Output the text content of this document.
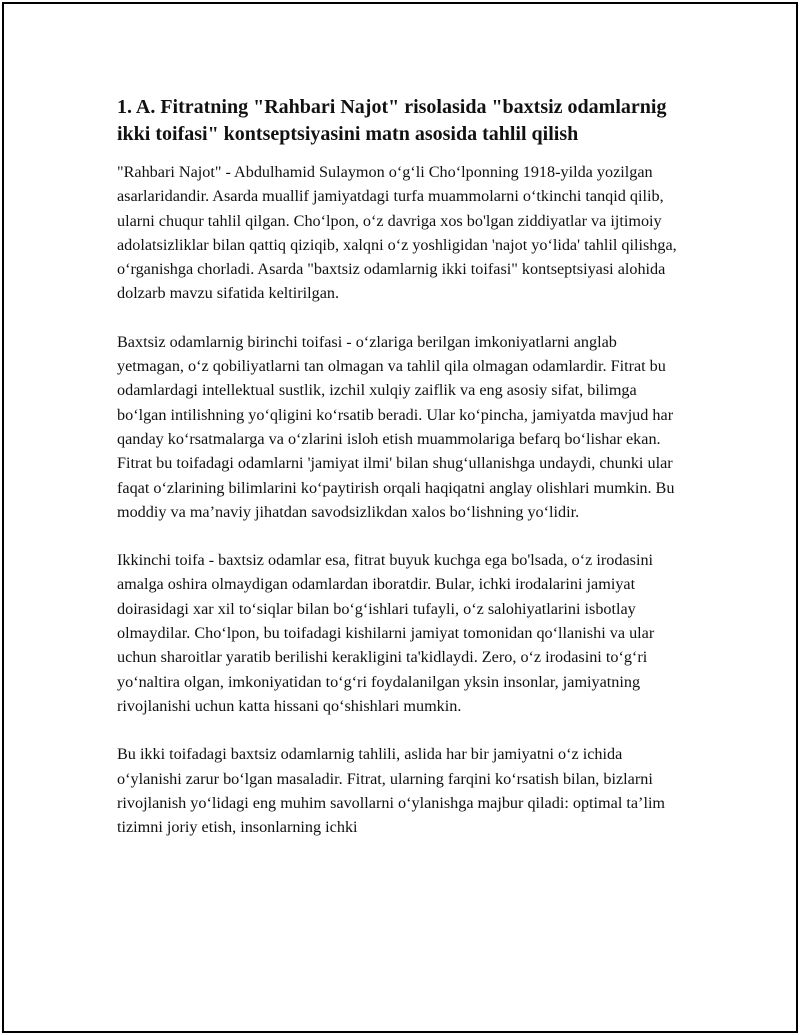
1. A. Fitratning "Rahbari Najot" risolasida "baxtsiz odamlarnig ikki toifasi" kontseptsiyasini matn asosida tahlil qilish

"Rahbari Najot" - Abdulhamid Sulaymon o‘g‘li Cho‘lponning 1918-yilda yozilgan asarlaridandir. Asarda muallif jamiyatdagi turfa muammolarni o‘tkinchi tanqid qilib, ularni chuqur tahlil qilgan. Cho‘lpon, o‘z davriga xos bo'lgan ziddiyatlar va ijtimoiy adolatsizliklar bilan qattiq qiziqib, xalqni o‘z yoshligidan 'najot yo‘lida' tahlil qilishga, o‘rganishga chorladi. Asarda "baxtsiz odamlarnig ikki toifasi" kontseptsiyasi alohida dolzarb mavzu sifatida keltirilgan.

Baxtsiz odamlarnig birinchi toifasi - o‘zlariga berilgan imkoniyatlarni anglab yetmagan, o‘z qobiliyatlarni tan olmagan va tahlil qila olmagan odamlardir. Fitrat bu odamlardagi intellektual sustlik, izchil xulqiy zaiflik va eng asosiy sifat, bilimga bo‘lgan intilishning yo‘qligini ko‘rsatib beradi. Ular ko‘pincha, jamiyatda mavjud har qanday ko‘rsatmalarga va o‘zlarini isloh etish muammolariga befarq bo‘lishar ekan. Fitrat bu toifadagi odamlarni 'jamiyat ilmi' bilan shug‘ullanishga undaydi, chunki ular faqat o‘zlarining bilimlarini ko‘paytirish orqali haqiqatni anglay olishlari mumkin. Bu moddiy va ma’naviy jihatdan savodsizlikdan xalos bo‘lishning yo‘lidir.

Ikkinchi toifa - baxtsiz odamlar esa, fitrat buyuk kuchga ega bo'lsada, o‘z irodasini amalga oshira olmaydigan odamlardan iboratdir. Bular, ichki irodalarini jamiyat doirasidagi xar xil to‘siqlar bilan bo‘g‘ishlari tufayli, o‘z salohiyatlarini isbotlay olmaydilar. Cho‘lpon, bu toifadagi kishilarni jamiyat tomonidan qo‘llanishi va ular uchun sharoitlar yaratib berilishi kerakligini ta'kidlaydi. Zero, o‘z irodasini to‘g‘ri yo‘naltira olgan, imkoniyatidan to‘g‘ri foydalanilgan yksin insonlar, jamiyatning rivojlanishi uchun katta hissani qo‘shishlari mumkin.

Bu ikki toifadagi baxtsiz odamlarnig tahlili, aslida har bir jamiyatni o‘z ichida o‘ylanishi zarur bo‘lgan masaladir. Fitrat, ularning farqini ko‘rsatish bilan, bizlarni rivojlanish yo‘lidagi eng muhim savollarni o‘ylanishga majbur qiladi: optimal ta’lim tizimni joriy etish, insonlarning ichki
